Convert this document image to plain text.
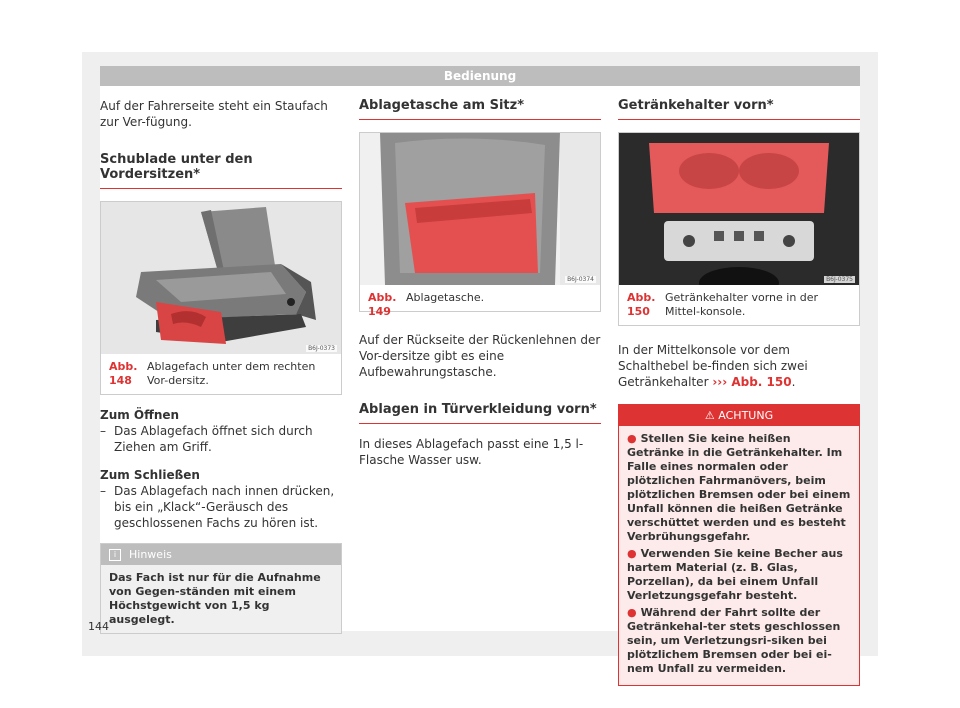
Bedienung

Auf der Fahrerseite steht ein Staufach zur Ver-fügung.

Schublade unter den Vordersitzen*
B6J-0373
Abb. 148
Ablagefach unter dem rechten Vor-dersitz.

Zum Öffnen

– Das Ablagefach öffnet sich durch Ziehen am Griff.

Zum Schließen

– Das Ablagefach nach innen drücken, bis ein „Klack“-Geräusch des geschlossenen Fachs zu hören ist.
i	Hinweis
Das Fach ist nur für die Aufnahme von Gegen-ständen mit einem Höchstgewicht von 1,5 kg ausgelegt.
Ablagetasche am Sitz*
B6J-0374
Abb. 149
Ablagetasche.

Auf der Rückseite der Rückenlehnen der Vor-dersitze gibt es eine Aufbewahrungstasche.

Ablagen in Türverkleidung vorn*

In dieses Ablagefach passt eine 1,5 l-Flasche Wasser usw.

Getränkehalter vorn*
B6J-0375
Abb. 150
Getränkehalter vorne in der Mittel-konsole.

In der Mittelkonsole vor dem Schalthebel be-finden sich zwei Getränkehalter ››› Abb. 150.

⚠ ACHTUNG
● Stellen Sie keine heißen Getränke in die Getränkehalter. Im Falle eines normalen oder plötzlichen Fahrmanövers, beim plötzlichen Bremsen oder bei einem Unfall können die heißen Getränke verschüttet werden und es besteht Verbrühungsgefahr.
● Verwenden Sie keine Becher aus hartem Material (z. B. Glas, Porzellan), da bei einem Unfall Verletzungsgefahr besteht.
● Während der Fahrt sollte der Getränkehal-ter stets geschlossen sein, um Verletzungsri-siken bei plötzlichem Bremsen oder bei ei-nem Unfall zu vermeiden.
144
